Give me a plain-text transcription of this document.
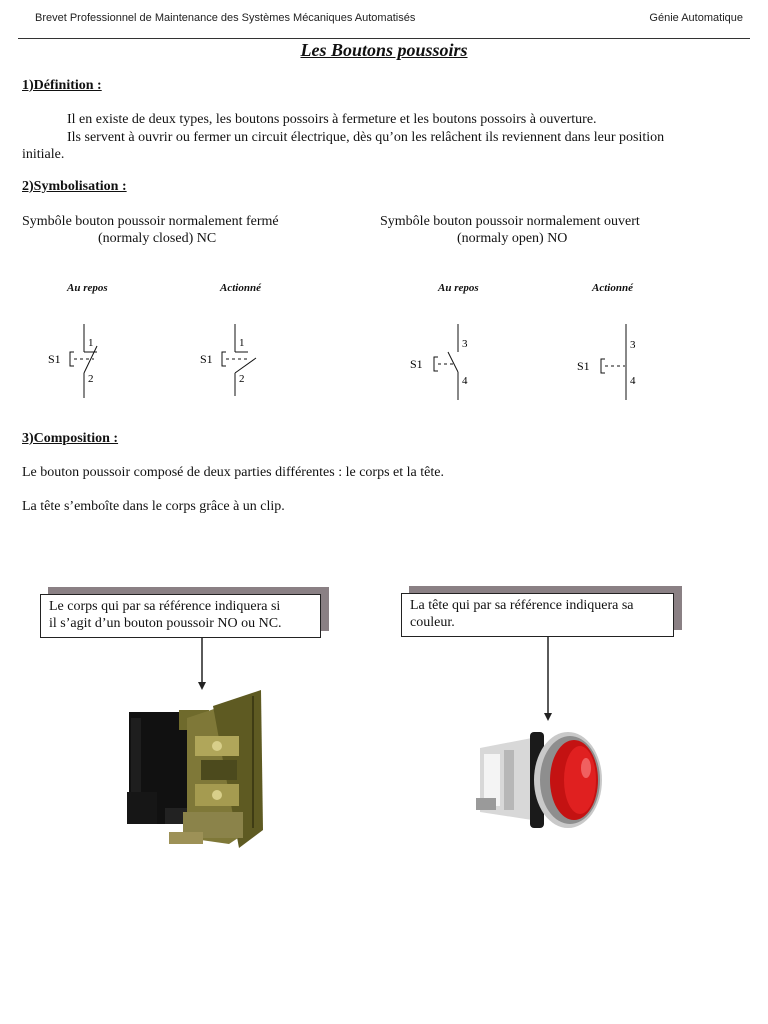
Brevet Professionnel de Maintenance des Systèmes Mécaniques Automatisés	Génie Automatique
Les Boutons poussoirs
1)Définition :
Il en existe de deux types, les boutons possoirs à fermeture et les boutons possoirs à ouverture.
Ils servent à ouvrir ou fermer un circuit électrique, dès qu’on les relâchent ils reviennent dans leur position
initiale.
2)Symbolisation :
Symbôle bouton poussoir normalement fermé
(normaly closed) NC
Symbôle bouton poussoir normalement ouvert
(normaly open) NO
Au repos	Actionné	Au repos	Actionné
S1
1
2
S1
1
2
S1
3
4
S1
3
4
3)Composition :
Le bouton poussoir composé de deux parties différentes : le corps et la tête.
La tête s’emboîte dans le corps grâce à un clip.
Le corps qui par sa référence indiquera si
il s’agit d’un bouton poussoir NO ou NC.
La tête qui par sa référence indiquera sa
couleur.
